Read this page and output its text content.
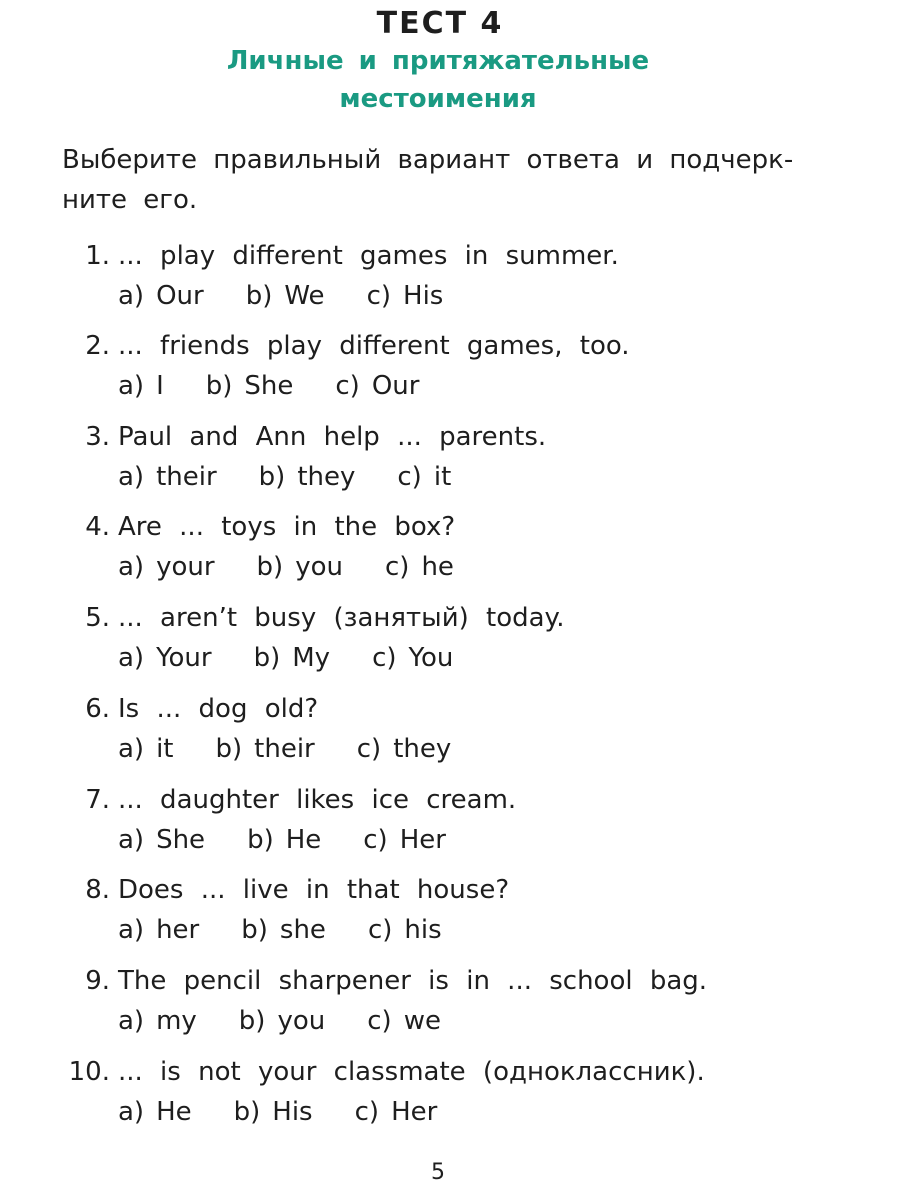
ТЕСТ 4
Личные и притяжательные
местоимения

Выберите правильный вариант ответа и подчерк-
ните его.

1. ... play different games in summer.
a) Our b) We c) His
2. ... friends play different games, too.
a) I b) She c) Our
3. Paul and Ann help ... parents.
a) their b) they c) it
4. Are ... toys in the box?
a) your b) you c) he
5. ... aren’t busy (занятый) today.
a) Your b) My c) You
6. Is ... dog old?
a) it b) their c) they
7. ... daughter likes ice cream.
a) She b) He c) Her
8. Does ... live in that house?
a) her b) she c) his
9. The pencil sharpener is in ... school bag.
a) my b) you c) we
10. ... is not your classmate (одноклассник).
a) He b) His c) Her
5
